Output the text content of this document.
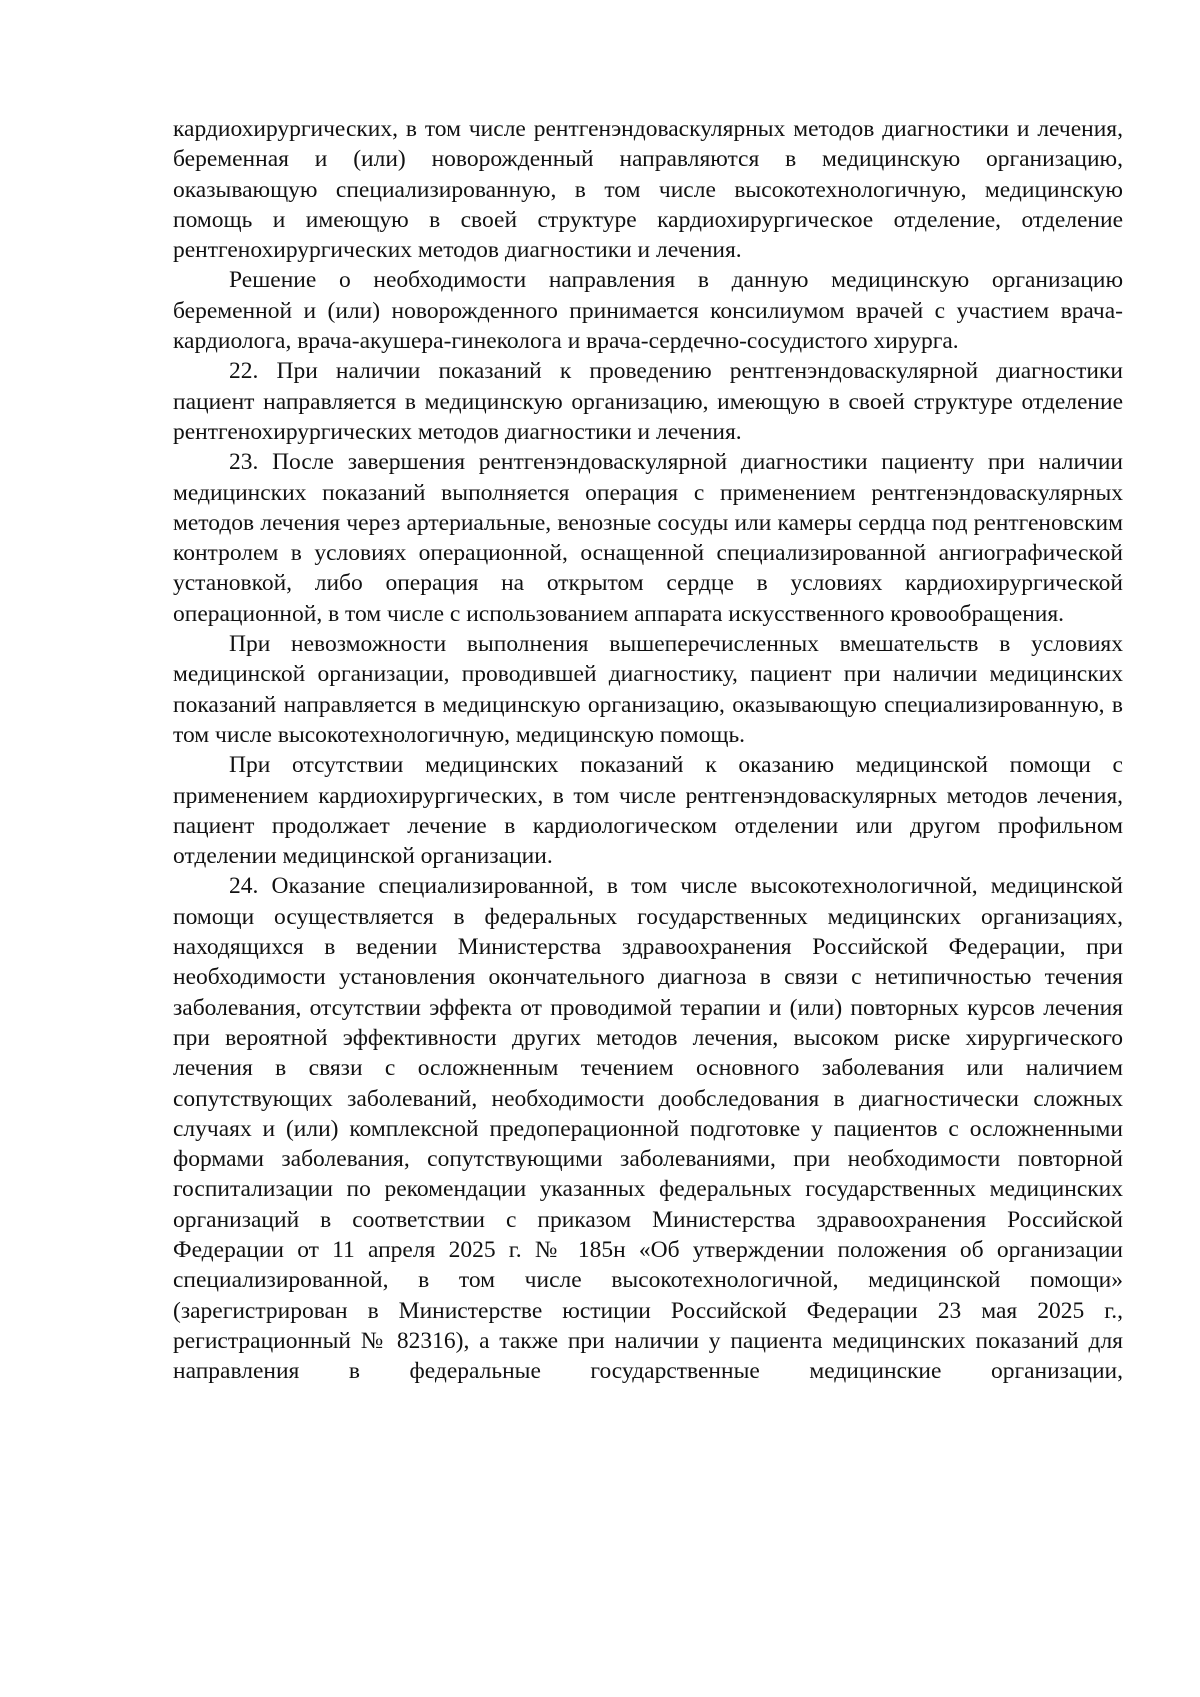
кардиохирургических, в том числе рентгенэндоваскулярных методов диагностики и лечения, беременная и (или) новорожденный направляются в медицинскую организацию, оказывающую специализированную, в том числе высокотехнологичную, медицинскую помощь и имеющую в своей структуре кардиохирургическое отделение, отделение рентгенохирургических методов диагностики и лечения.

Решение о необходимости направления в данную медицинскую организацию беременной и (или) новорожденного принимается консилиумом врачей с участием врача-кардиолога, врача-акушера-гинеколога и врача-сердечно-сосудистого хирурга.

22. При наличии показаний к проведению рентгенэндоваскулярной диагностики пациент направляется в медицинскую организацию, имеющую в своей структуре отделение рентгенохирургических методов диагностики и лечения.

23. После завершения рентгенэндоваскулярной диагностики пациенту при наличии медицинских показаний выполняется операция с применением рентгенэндоваскулярных методов лечения через артериальные, венозные сосуды или камеры сердца под рентгеновским контролем в условиях операционной, оснащенной специализированной ангиографической установкой, либо операция на открытом сердце в условиях кардиохирургической операционной, в том числе с использованием аппарата искусственного кровообращения.

При невозможности выполнения вышеперечисленных вмешательств в условиях медицинской организации, проводившей диагностику, пациент при наличии медицинских показаний направляется в медицинскую организацию, оказывающую специализированную, в том числе высокотехнологичную, медицинскую помощь.

При отсутствии медицинских показаний к оказанию медицинской помощи с применением кардиохирургических, в том числе рентгенэндоваскулярных методов лечения, пациент продолжает лечение в кардиологическом отделении или другом профильном отделении медицинской организации.

24. Оказание специализированной, в том числе высокотехнологичной, медицинской помощи осуществляется в федеральных государственных медицинских организациях, находящихся в ведении Министерства здравоохранения Российской Федерации, при необходимости установления окончательного диагноза в связи с нетипичностью течения заболевания, отсутствии эффекта от проводимой терапии и (или) повторных курсов лечения при вероятной эффективности других методов лечения, высоком риске хирургического лечения в связи с осложненным течением основного заболевания или наличием сопутствующих заболеваний, необходимости дообследования в диагностически сложных случаях и (или) комплексной предоперационной подготовке у пациентов с осложненными формами заболевания, сопутствующими заболеваниями, при необходимости повторной госпитализации по рекомендации указанных федеральных государственных медицинских организаций в соответствии с приказом Министерства здравоохранения Российской Федерации от 11 апреля 2025 г. № 185н «Об утверждении положения об организации специализированной, в том числе высокотехнологичной, медицинской помощи» (зарегистрирован в Министерстве юстиции Российской Федерации 23 мая 2025 г., регистрационный № 82316), а также при наличии у пациента медицинских показаний для направления в федеральные государственные медицинские организации,
